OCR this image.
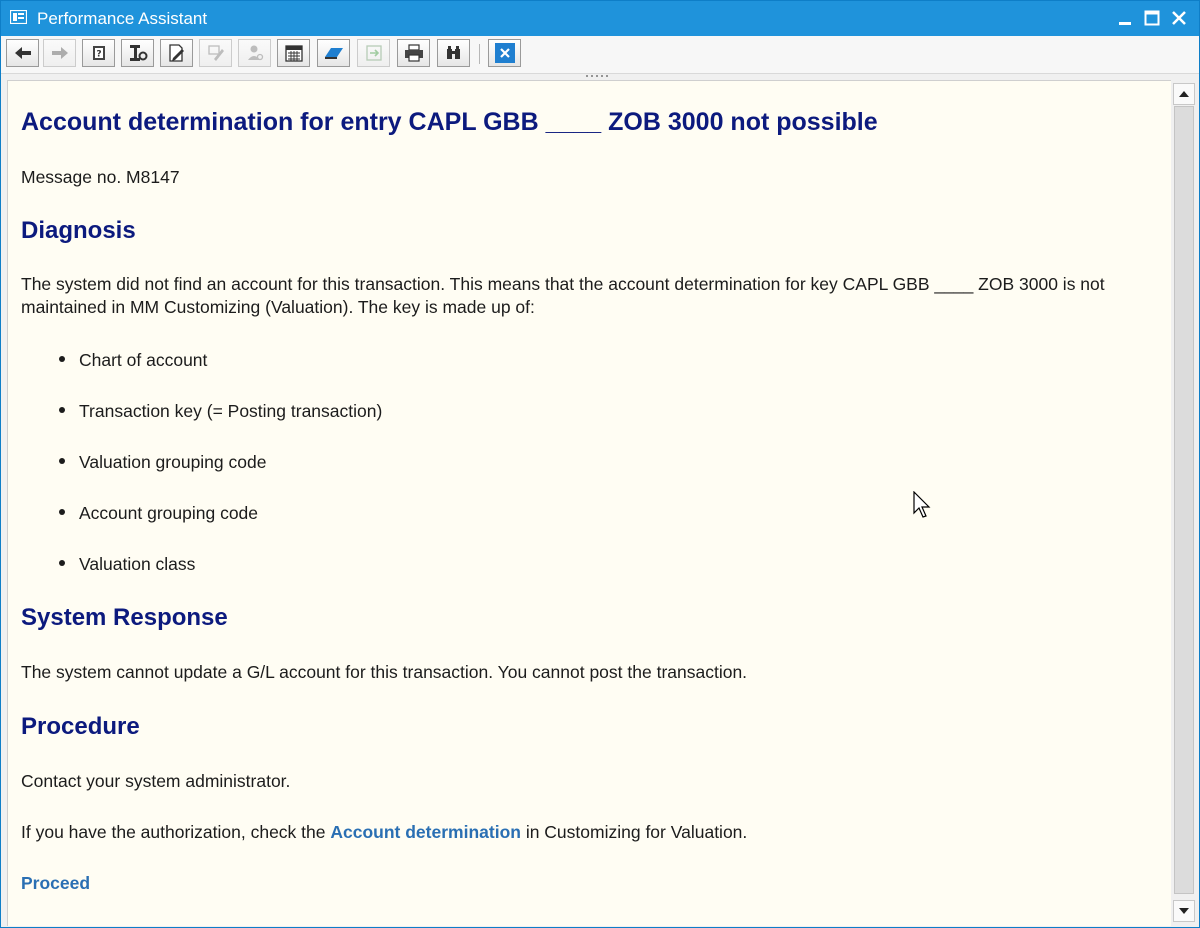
Performance Assistant
?
Account determination for entry CAPL GBB ____ ZOB 3000 not possible

Message no. M8147

Diagnosis

The system did not find an account for this transaction. This means that the account determination for key CAPL GBB ____ ZOB 3000 is not maintained in MM Customizing (Valuation). The key is made up of:

Chart of account

Transaction key (= Posting transaction)

Valuation grouping code

Account grouping code

Valuation class

System Response

The system cannot update a G/L account for this transaction. You cannot post the transaction.

Procedure

Contact your system administrator.

If you have the authorization, check the Account determination in Customizing for Valuation.

Proceed
